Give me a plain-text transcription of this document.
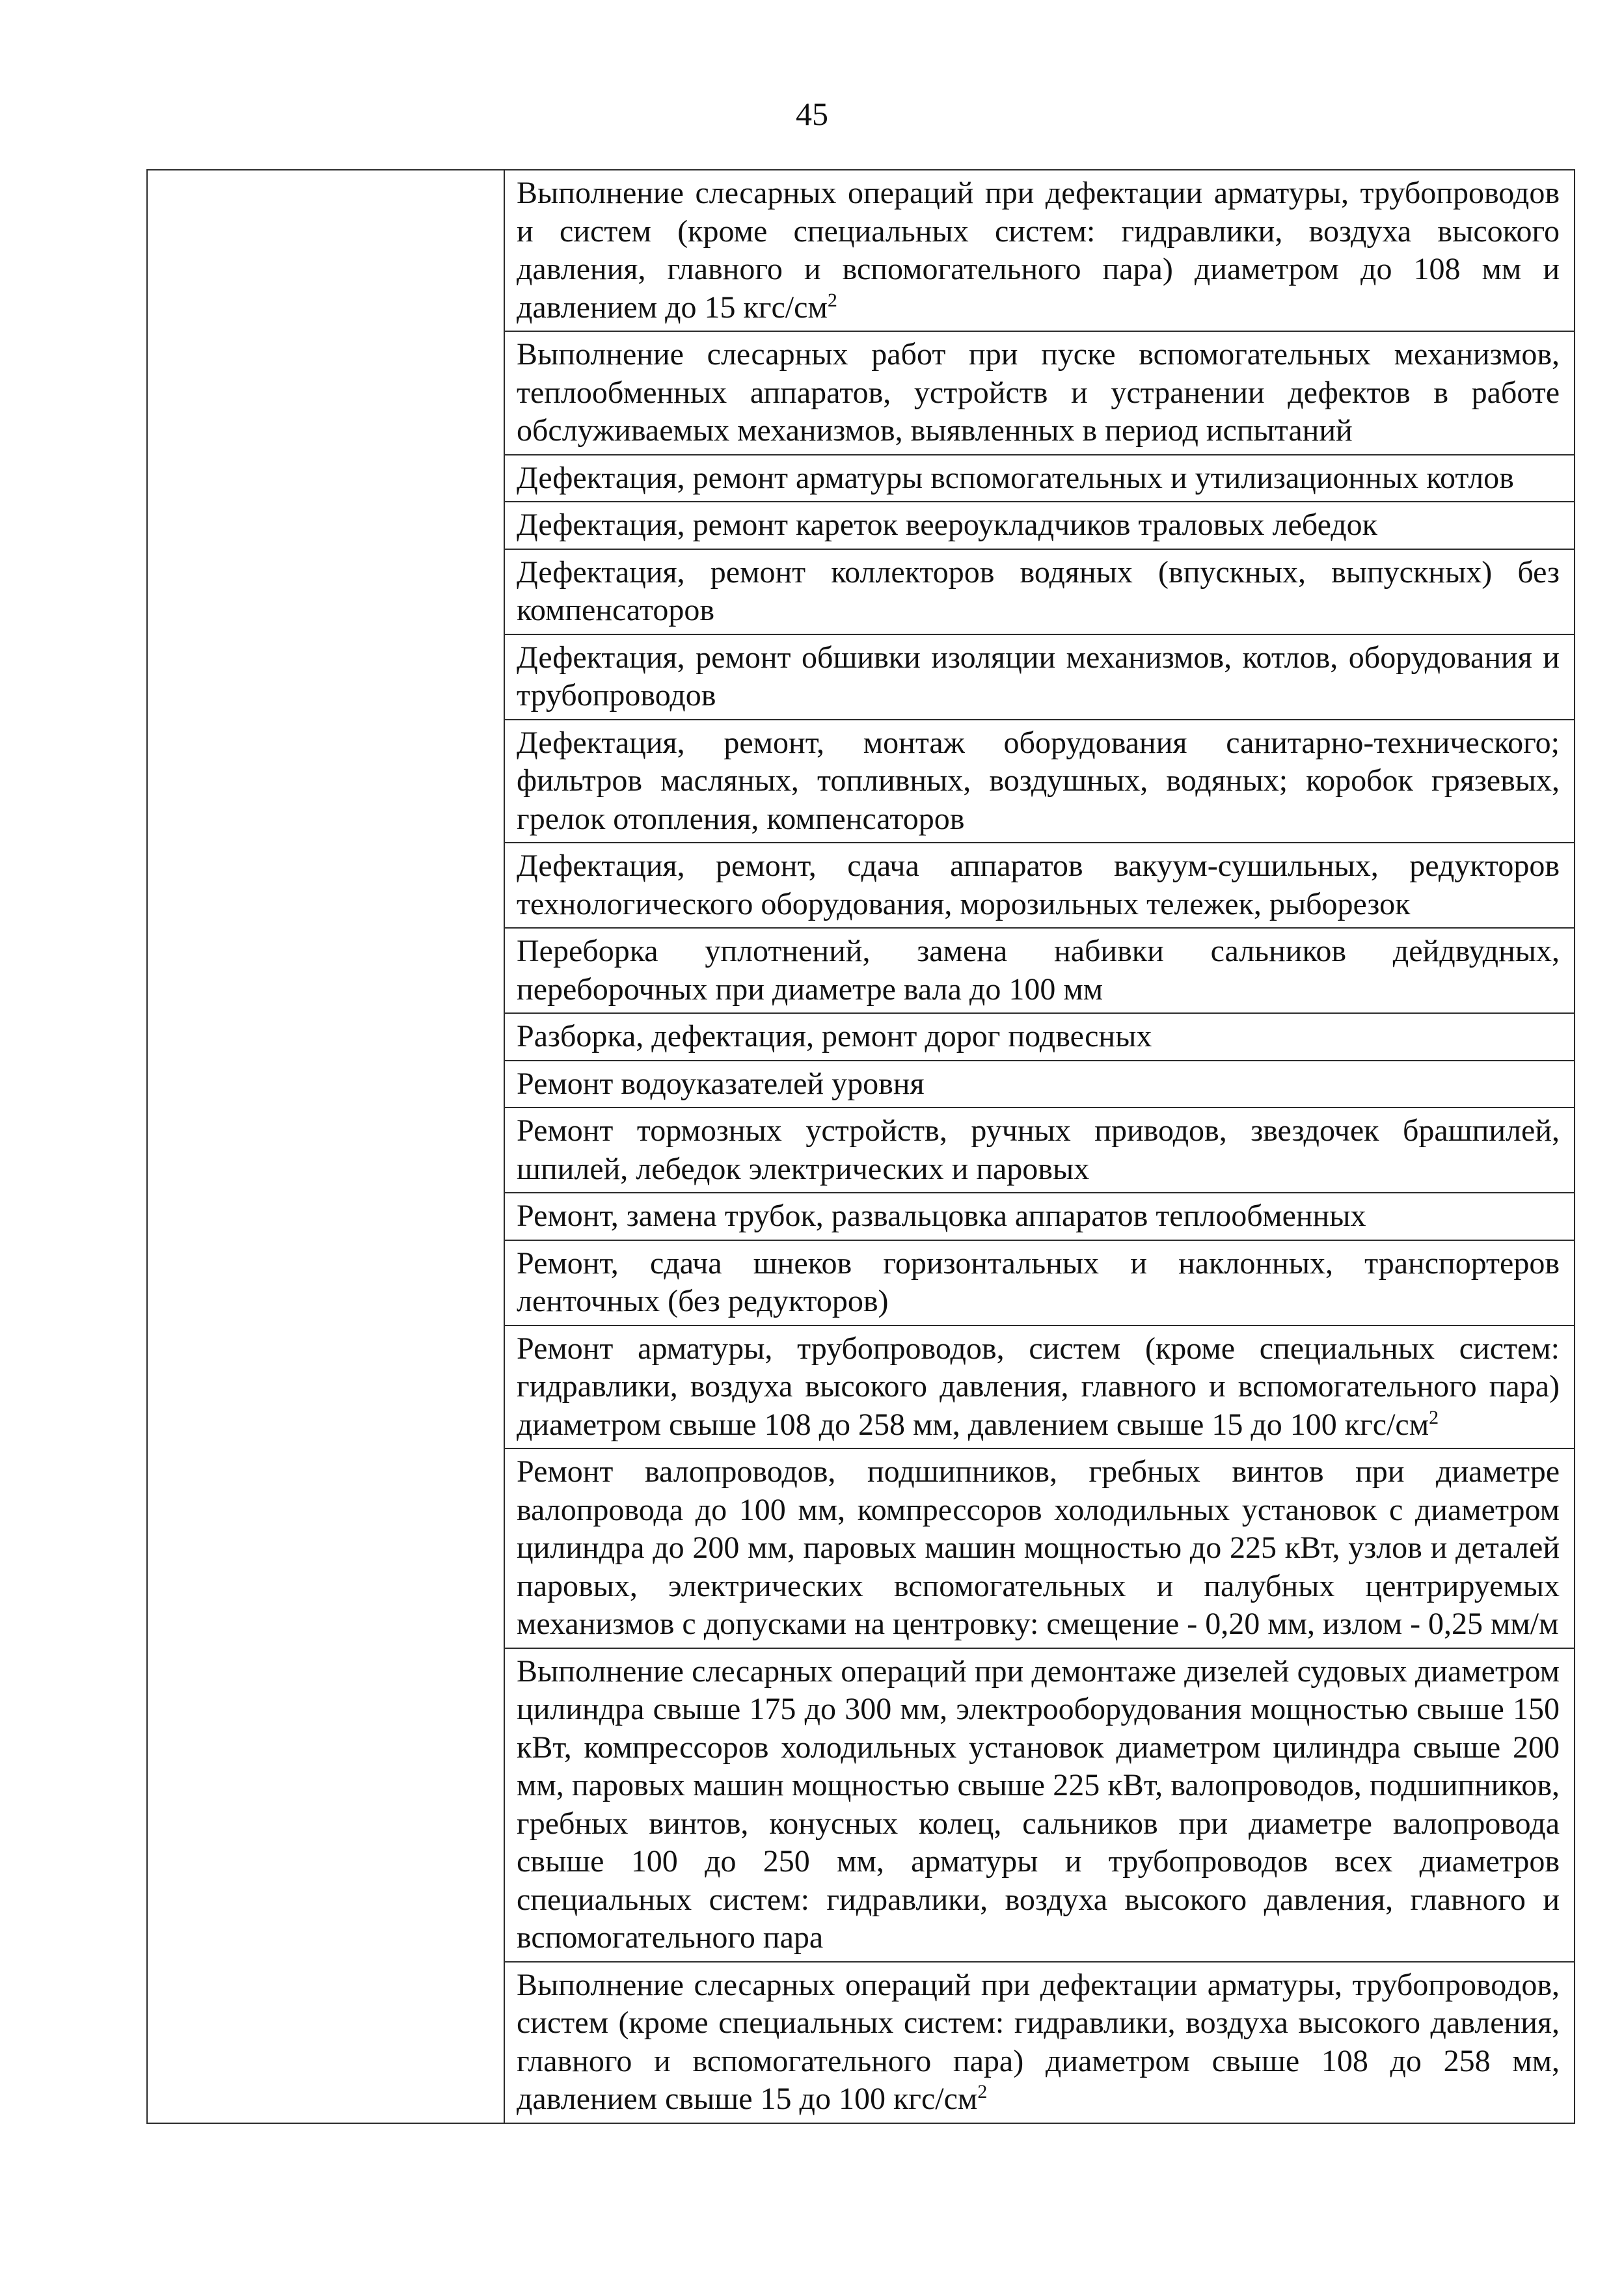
45

Выполнение слесарных операций при дефектации арматуры, трубопроводов и систем (кроме специальных систем: гидравлики, воздуха высокого давления, главного и вспомогательного пара) диаметром до 108 мм и давлением до 15 кгс/$см^2$

Выполнение слесарных работ при пуске вспомогательных механизмов, теплообменных аппаратов, устройств и устранении дефектов в работе обслуживаемых механизмов, выявленных в период испытаний

Дефектация, ремонт арматуры вспомогательных и утилизационных котлов

Дефектация, ремонт кареток веероукладчиков траловых лебедок

Дефектация, ремонт коллекторов водяных (впускных, выпускных) без компенсаторов

Дефектация, ремонт обшивки изоляции механизмов, котлов, оборудования и трубопроводов

Дефектация, ремонт, монтаж оборудования санитарно-технического; фильтров масляных, топливных, воздушных, водяных; коробок грязевых, грелок отопления, компенсаторов

Дефектация, ремонт, сдача аппаратов вакуум-сушильных, редукторов технологического оборудования, морозильных тележек, рыборезок

Переборка уплотнений, замена набивки сальников дейдвудных, переборочных при диаметре вала до 100 мм

Разборка, дефектация, ремонт дорог подвесных

Ремонт водоуказателей уровня

Ремонт тормозных устройств, ручных приводов, звездочек брашпилей, шпилей, лебедок электрических и паровых

Ремонт, замена трубок, развальцовка аппаратов теплообменных

Ремонт, сдача шнеков горизонтальных и наклонных, транспортеров ленточных (без редукторов)

Ремонт арматуры, трубопроводов, систем (кроме специальных систем: гидравлики, воздуха высокого давления, главного и вспомогательного пара) диаметром свыше 108 до 258 мм, давлением свыше 15 до 100 кгс/$см^2$

Ремонт валопроводов, подшипников, гребных винтов при диаметре валопровода до 100 мм, компрессоров холодильных установок с диаметром цилиндра до 200 мм, паровых машин мощностью до 225 кВт, узлов и деталей паровых, электрических вспомогательных и палубных центрируемых механизмов с допусками на центровку: смещение - 0,20 мм, излом - 0,25 мм/м

Выполнение слесарных операций при демонтаже дизелей судовых диаметром цилиндра свыше 175 до 300 мм, электрооборудования мощностью свыше 150 кВт, компрессоров холодильных установок диаметром цилиндра свыше 200 мм, паровых машин мощностью свыше 225 кВт, валопроводов, подшипников, гребных винтов, конусных колец, сальников при диаметре валопровода свыше 100 до 250 мм, арматуры и трубопроводов всех диаметров специальных систем: гидравлики, воздуха высокого давления, главного и вспомогательного пара

Выполнение слесарных операций при дефектации арматуры, трубопроводов, систем (кроме специальных систем: гидравлики, воздуха высокого давления, главного и вспомогательного пара) диаметром свыше 108 до 258 мм, давлением свыше 15 до 100 кгс/$см^2$
